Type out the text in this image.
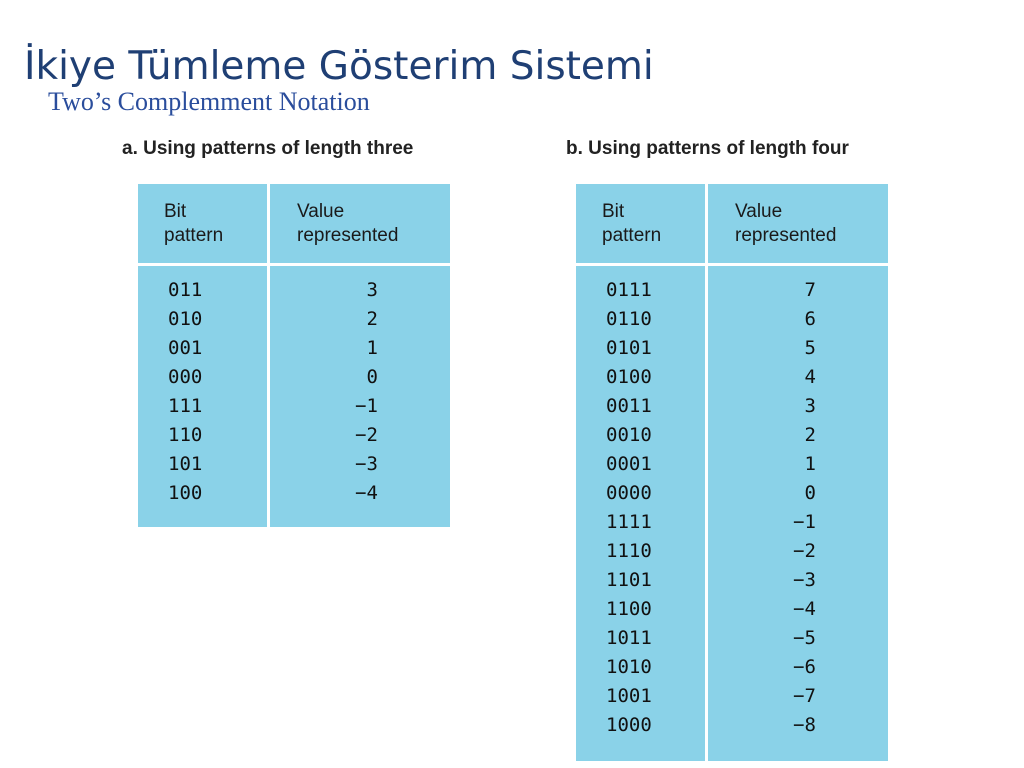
İkiye Tümleme Gösterim Sistemi
Two’s Complemment Notation
a. Using patterns of length three	b. Using patterns of length four
Bit
pattern
Value
represented
011
010
001
000
111
110
101
100
3
2
1
0
−1
−2
−3
−4
Bit
pattern
Value
represented
0111
0110
0101
0100
0011
0010
0001
0000
1111
1110
1101
1100
1011
1010
1001
1000
7
6
5
4
3
2
1
0
−1
−2
−3
−4
−5
−6
−7
−8
